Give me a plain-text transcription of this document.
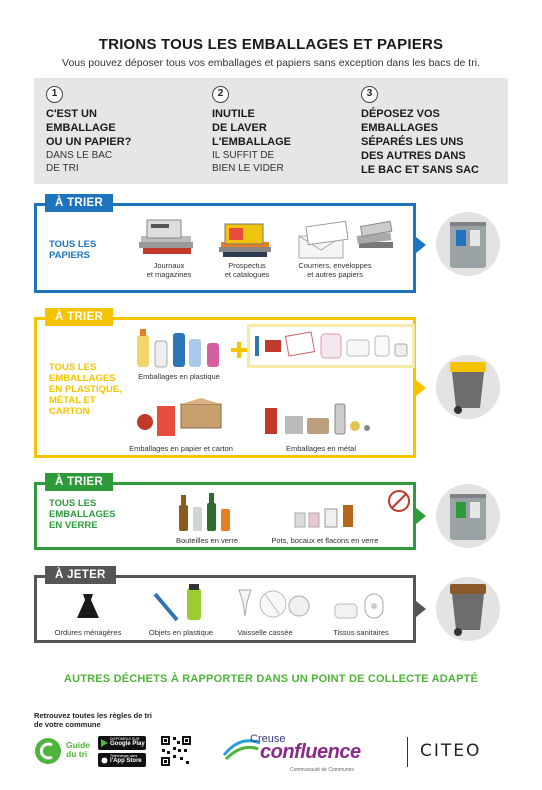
TRIONS TOUS LES EMBALLAGES ET PAPIERS
Vous pouvez déposer tous vos emballages et papiers sans exception dans les bacs de tri.
1
C'EST UN
EMBALLAGE
OU UN PAPIER?
DANS LE BAC
DE TRI
2
INUTILE
DE LAVER
L'EMBALLAGE
IL SUFFIT DE
BIEN LE VIDER
3
DÉPOSEZ VOS
EMBALLAGES
SÉPARÉS LES UNS
DES AUTRES DANS
LE BAC ET SANS SAC
À TRIER
TOUS LES
PAPIERS
Journaux
et magazines
Prospectus
et catalogues
Courriers, enveloppes
et autres papiers
À TRIER
TOUS LES
EMBALLAGES
EN PLASTIQUE,
MÉTAL ET
CARTON
Emballages en plastique
Emballages en papier et carton	Emballages en métal
À TRIER
TOUS LES
EMBALLAGES
EN VERRE
Bouteilles en verre	Pots, bocaux et flacons en verre
À JETER
Ordures ménagères	Objets en plastique	Vaisselle cassée	Tissus sanitaires
AUTRES DÉCHETS À RAPPORTER DANS UN POINT DE COLLECTE ADAPTÉ
Retrouvez toutes les règles de tri
de votre commune
Guide
du tri
DISPONIBLE SUR
Google Play
Télécharger dans
l'App Store
Creuse
confluence
Communauté de Communes
CITEO
